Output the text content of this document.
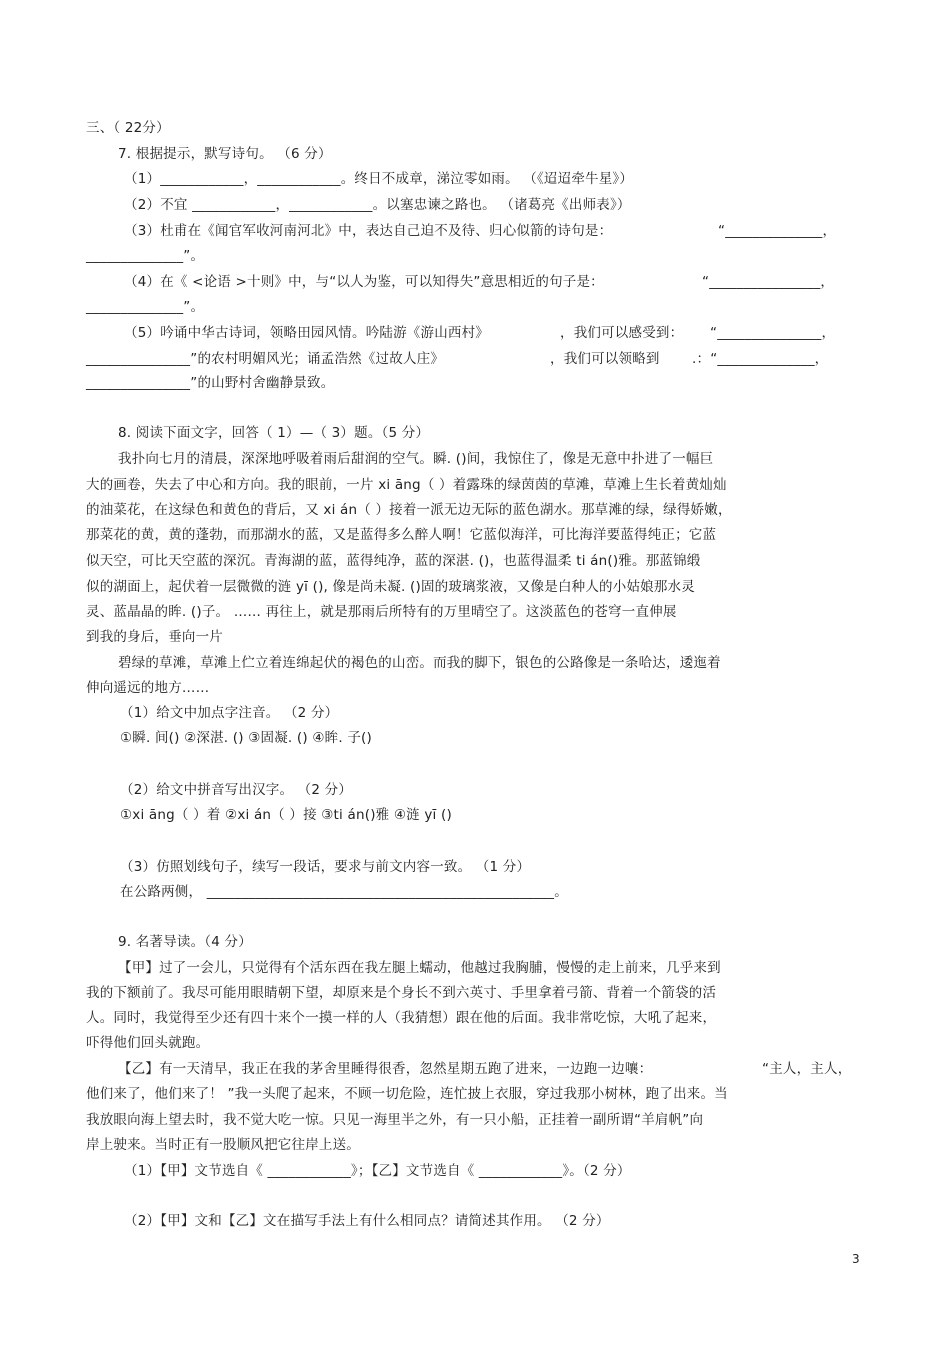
三、（ 22分）
7. 根据提示，默写诗句。 （6 分）
（1）____________，____________。终日不成章，涕泣零如雨。 （《迢迢牵牛星》）
（2）不宜 ____________，____________。以塞忠谏之路也。 （诸葛亮《出师表》）
（3）杜甫在《闻官军收河南河北》中，表达自己迫不及待、归心似箭的诗句是：	“______________，
______________”。
（4）在《 <论语 >十则》中，与“以人为鉴，可以知得失”意思相近的句子是：	“________________，
______________”。
（5）吟诵中华古诗词，领略田园风情。吟陆游《游山西村》	，我们可以感受到： “_______________，
_______________”的农村明媚风光；诵孟浩然《过故人庄》	，我们可以领略到 .：“______________，
_______________”的山野村舍幽静景致。
8. 阅读下面文字，回答（ 1）—（ 3）题。（5 分）
我扑向七月的清晨，深深地呼吸着雨后甜润的空气。瞬. ()间，我惊住了，像是无意中扑进了一幅巨
大的画卷，失去了中心和方向。我的眼前，一片 xi āng（ ）着露珠的绿茵茵的草滩，草滩上生长着黄灿灿
的油菜花，在这绿色和黄色的背后，又 xi án（ ）接着一派无边无际的蓝色湖水。那草滩的绿，绿得娇嫩，
那菜花的黄，黄的蓬勃，而那湖水的蓝，又是蓝得多么醉人啊！它蓝似海洋，可比海洋要蓝得纯正；它蓝
似天空，可比天空蓝的深沉。青海湖的蓝，蓝得纯净，蓝的深湛. ()，也蓝得温柔 ti án()雅。那蓝锦缎
似的湖面上，起伏着一层微微的涟 yī (), 像是尚未凝. ()固的玻璃浆液，又像是白种人的小姑娘那水灵
灵、蓝晶晶的眸. ()子。 …… 再往上，就是那雨后所特有的万里晴空了。这淡蓝色的苍穹一直伸展
到我的身后，垂向一片
碧绿的草滩，草滩上伫立着连绵起伏的褐色的山峦。而我的脚下，银色的公路像是一条哈达，逶迤着
伸向遥远的地方……
（1）给文中加点字注音。 （2 分）
①瞬. 间() ②深湛. () ③固凝. () ④眸. 子()
（2）给文中拼音写出汉字。 （2 分）
①xi āng（ ）着 ②xi án（ ）接 ③ti án()雅 ④涟 yī ()
（3）仿照划线句子，续写一段话，要求与前文内容一致。 （1 分）
在公路两侧， __________________________________________________。
9. 名著导读。（4 分）
【甲】过了一会儿，只觉得有个活东西在我左腿上蠕动，他越过我胸脯，慢慢的走上前来，几乎来到
我的下额前了。我尽可能用眼睛朝下望，却原来是个身长不到六英寸、手里拿着弓箭、背着一个箭袋的活
人。同时，我觉得至少还有四十来个一摸一样的人（我猜想）跟在他的后面。我非常吃惊，大吼了起来，
吓得他们回头就跑。
【乙】有一天清早，我正在我的茅舍里睡得很香，忽然星期五跑了进来，一边跑一边嚷：	“主人，主人，
他们来了，他们来了！ ”我一头爬了起来，不顾一切危险，连忙披上衣服，穿过我那小树林，跑了出来。当
我放眼向海上望去时，我不觉大吃一惊。只见一海里半之外，有一只小船，正挂着一副所谓“羊肩帆”向
岸上驶来。当时正有一股顺风把它往岸上送。
（1）【甲】文节选自《 ____________》；【乙】文节选自《 ____________》。（2 分）
（2）【甲】文和【乙】文在描写手法上有什么相同点？请简述其作用。 （2 分）
3
